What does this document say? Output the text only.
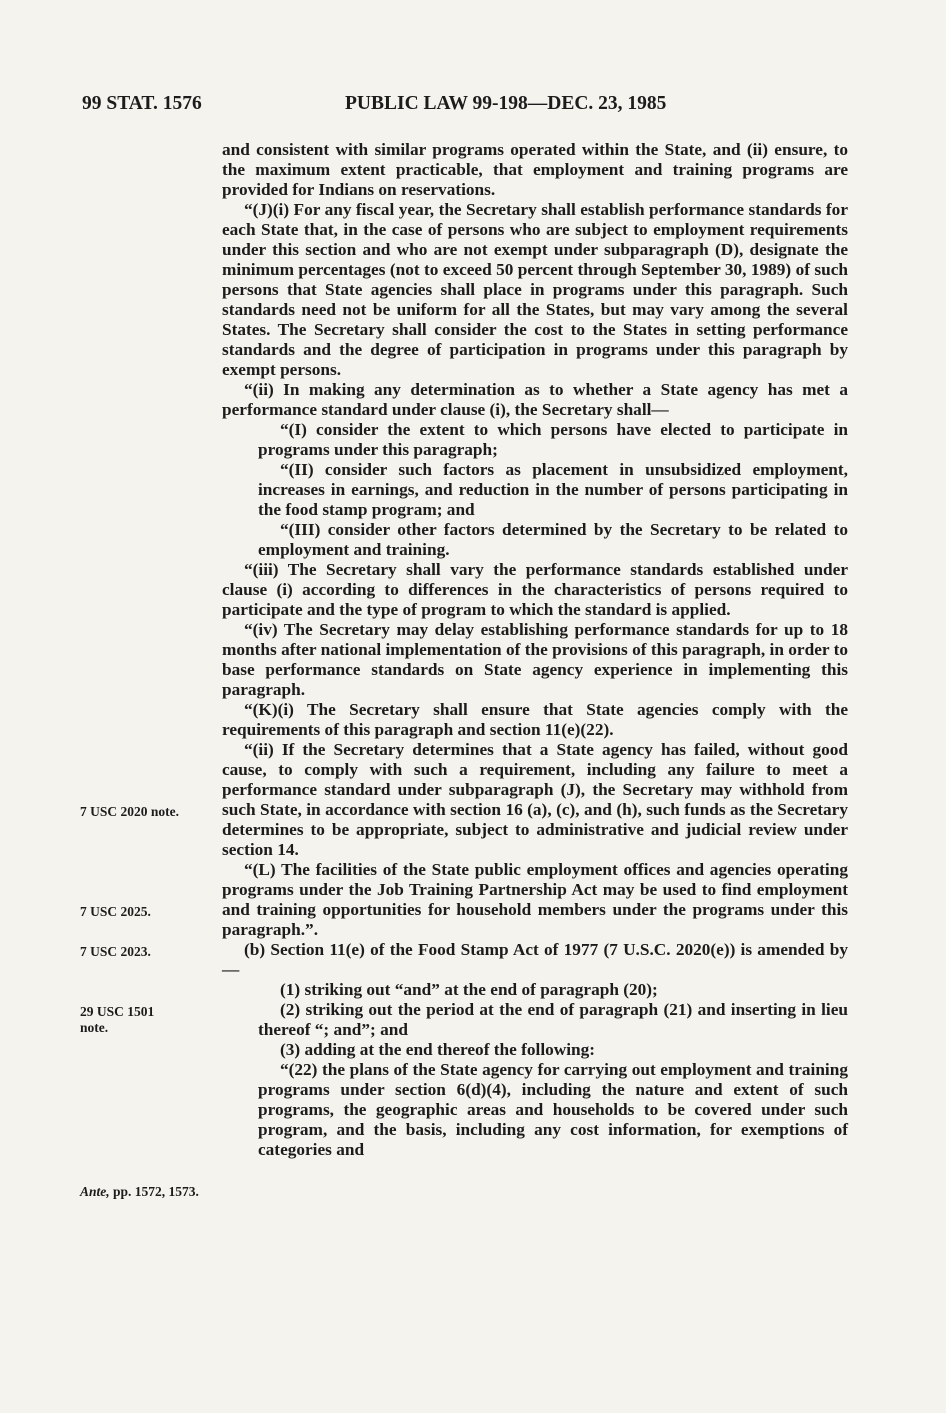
99 STAT. 1576	PUBLIC LAW 99-198—DEC. 23, 1985
7 USC 2020 note.
7 USC 2025.
7 USC 2023.
29 USC 1501 note.
Ante, pp. 1572, 1573.

and consistent with similar programs operated within the State, and (ii) ensure, to the maximum extent practicable, that employment and training programs are provided for Indians on reservations.

“(J)(i) For any fiscal year, the Secretary shall establish performance standards for each State that, in the case of persons who are subject to employment requirements under this section and who are not exempt under subparagraph (D), designate the minimum percentages (not to exceed 50 percent through September 30, 1989) of such persons that State agencies shall place in programs under this paragraph. Such standards need not be uniform for all the States, but may vary among the several States. The Secretary shall consider the cost to the States in setting performance standards and the degree of participation in programs under this paragraph by exempt persons.

“(ii) In making any determination as to whether a State agency has met a performance standard under clause (i), the Secretary shall—

“(I) consider the extent to which persons have elected to participate in programs under this paragraph;

“(II) consider such factors as placement in unsubsidized employment, increases in earnings, and reduction in the number of persons participating in the food stamp program; and

“(III) consider other factors determined by the Secretary to be related to employment and training.

“(iii) The Secretary shall vary the performance standards established under clause (i) according to differences in the characteristics of persons required to participate and the type of program to which the standard is applied.

“(iv) The Secretary may delay establishing performance standards for up to 18 months after national implementation of the provisions of this paragraph, in order to base performance standards on State agency experience in implementing this paragraph.

“(K)(i) The Secretary shall ensure that State agencies comply with the requirements of this paragraph and section 11(e)(22).

“(ii) If the Secretary determines that a State agency has failed, without good cause, to comply with such a requirement, including any failure to meet a performance standard under subparagraph (J), the Secretary may withhold from such State, in accordance with section 16 (a), (c), and (h), such funds as the Secretary determines to be appropriate, subject to administrative and judicial review under section 14.

“(L) The facilities of the State public employment offices and agencies operating programs under the Job Training Partnership Act may be used to find employment and training opportunities for household members under the programs under this paragraph.”.

(b) Section 11(e) of the Food Stamp Act of 1977 (7 U.S.C. 2020(e)) is amended by—

(1) striking out “and” at the end of paragraph (20);

(2) striking out the period at the end of paragraph (21) and inserting in lieu thereof “; and”; and

(3) adding at the end thereof the following:

“(22) the plans of the State agency for carrying out employment and training programs under section 6(d)(4), including the nature and extent of such programs, the geographic areas and households to be covered under such program, and the basis, including any cost information, for exemptions of categories and
